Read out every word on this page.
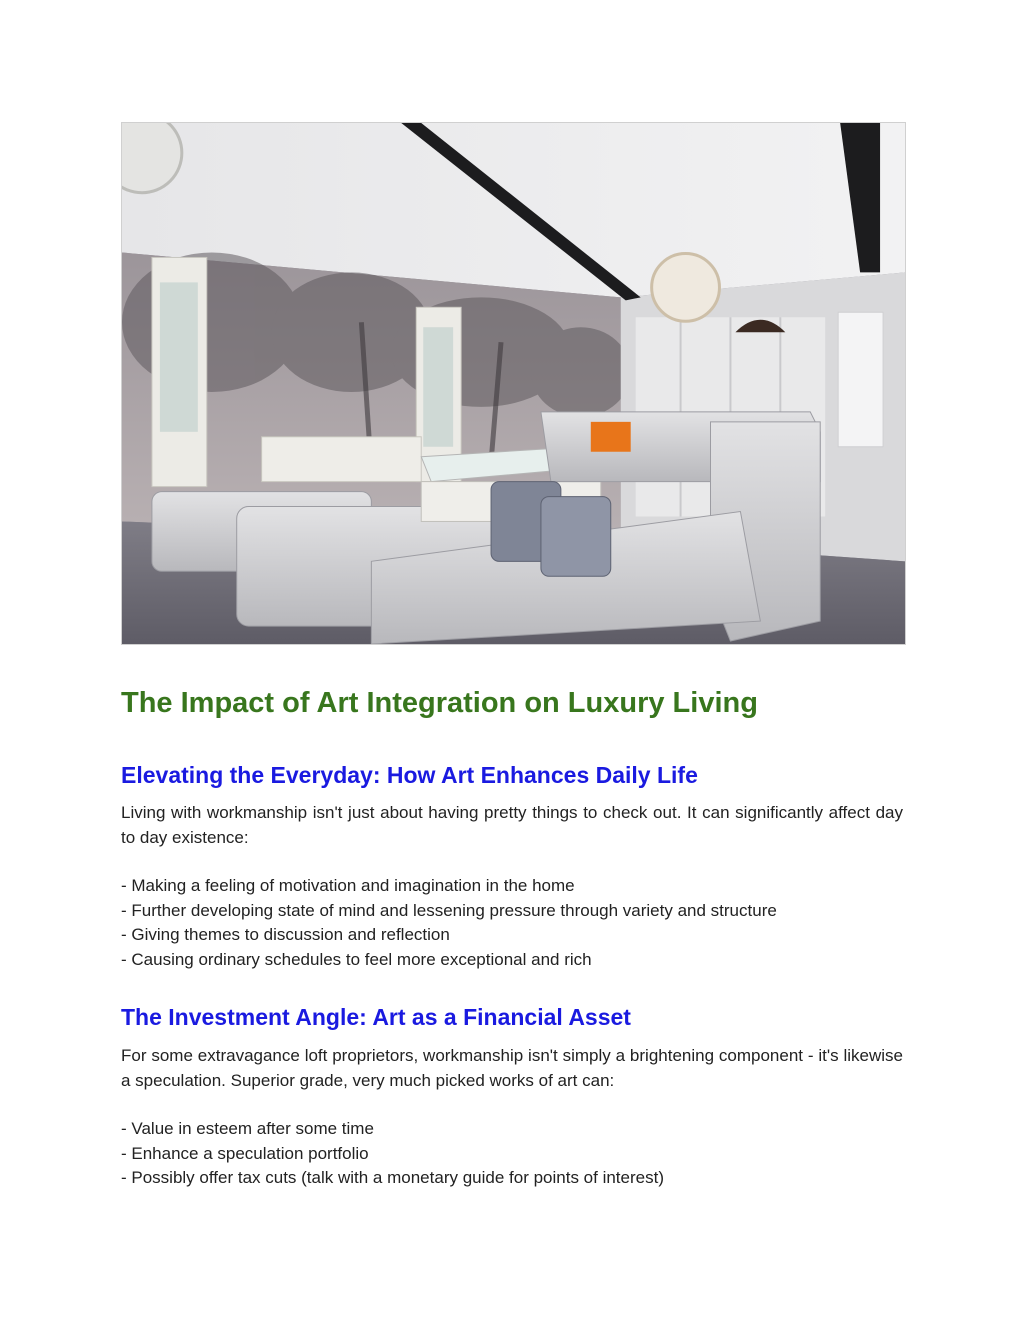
The Impact of Art Integration on Luxury Living
Elevating the Everyday: How Art Enhances Daily Life

Living with workmanship isn't just about having pretty things to check out. It can significantly affect day to day existence:

- Making a feeling of motivation and imagination in the home
- Further developing state of mind and lessening pressure through variety and structure
- Giving themes to discussion and reflection
- Causing ordinary schedules to feel more exceptional and rich
The Investment Angle: Art as a Financial Asset

For some extravagance loft proprietors, workmanship isn't simply a brightening component - it's likewise a speculation. Superior grade, very much picked works of art can:

- Value in esteem after some time
- Enhance a speculation portfolio
- Possibly offer tax cuts (talk with a monetary guide for points of interest)
